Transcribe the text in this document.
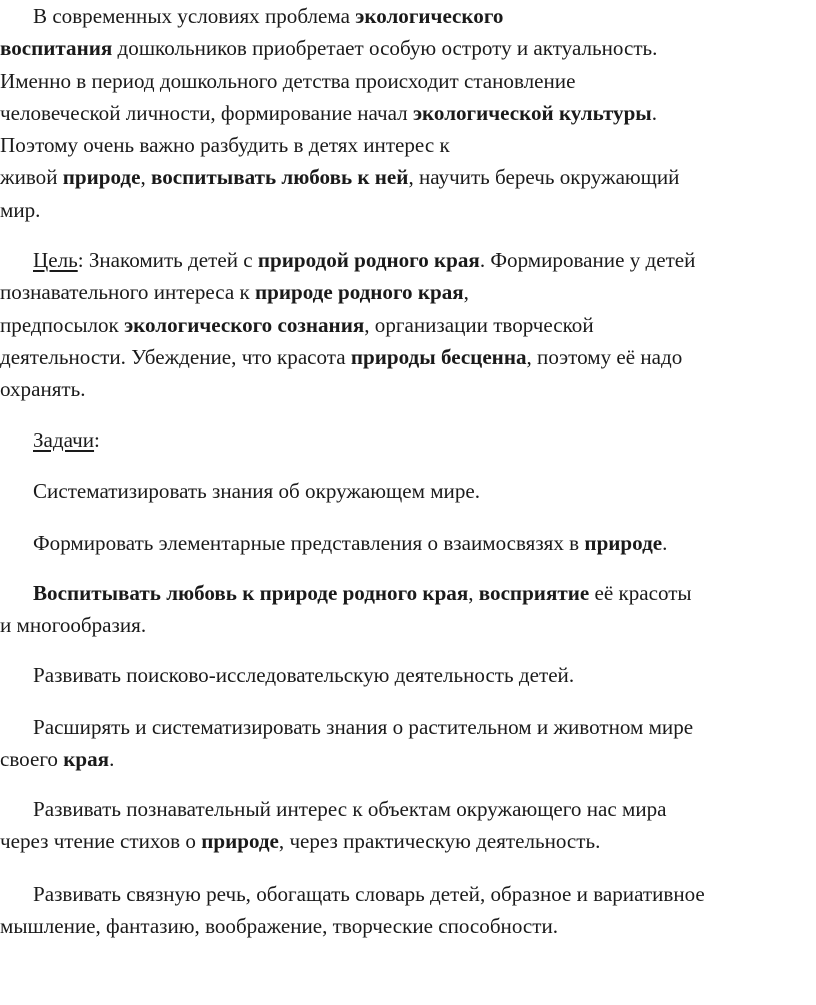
В современных условиях проблема экологического
воспитания дошкольников приобретает особую остроту и актуальность.
Именно в период дошкольного детства происходит становление
человеческой личности, формирование начал экологической культуры.
Поэтому очень важно разбудить в детях интерес к
живой природе, воспитывать любовь к ней, научить беречь окружающий
мир.
Цель: Знакомить детей с природой родного края. Формирование у детей
познавательного интереса к природе родного края,
предпосылок экологического сознания, организации творческой
деятельности. Убеждение, что красота природы бесценна, поэтому её надо
охранять.
Задачи:
Систематизировать знания об окружающем мире.
Формировать элементарные представления о взаимосвязях в природе.
Воспитывать любовь к природе родного края, восприятие её красоты
и многообразия.
Развивать поисково-исследовательскую деятельность детей.
Расширять и систематизировать знания о растительном и животном мире
своего края.
Развивать познавательный интерес к объектам окружающего нас мира
через чтение стихов о природе, через практическую деятельность.
Развивать связную речь, обогащать словарь детей, образное и вариативное
мышление, фантазию, воображение, творческие способности.
